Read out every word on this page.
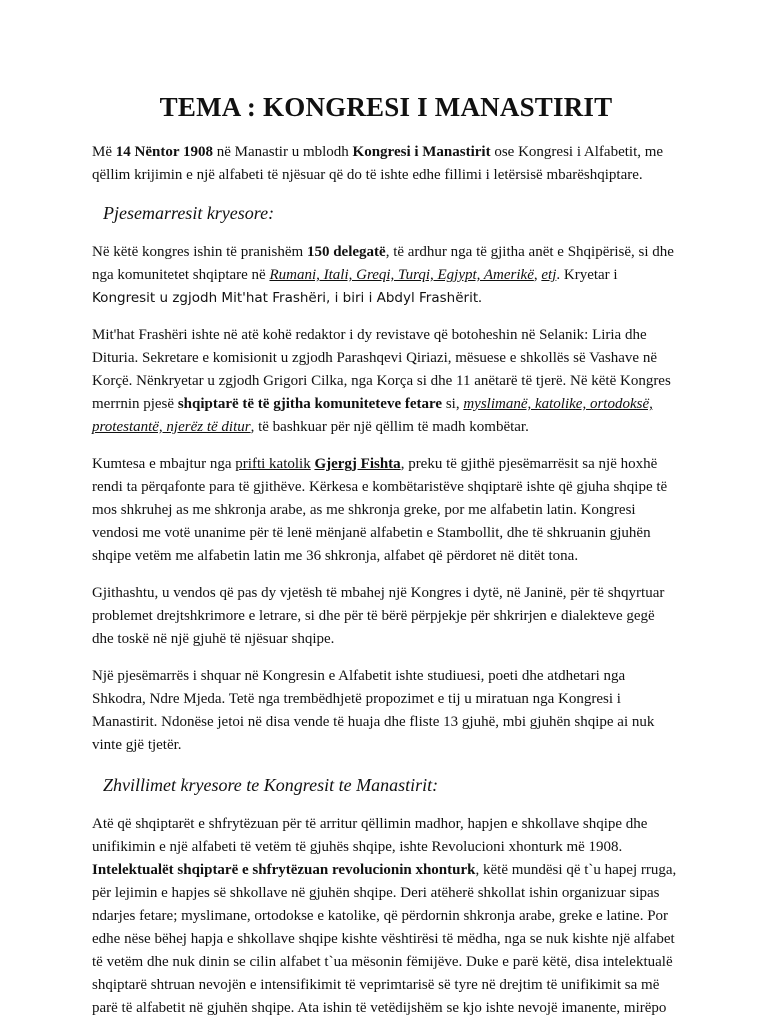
TEMA : KONGRESI I MANASTIRIT

Më 14 Nëntor 1908 në Manastir u mblodh Kongresi i Manastirit ose Kongresi i Alfabetit, me qëllim krijimin e një alfabeti të njësuar që do të ishte edhe fillimi i letërsisë mbarëshqiptare.

Pjesemarresit kryesore:

Në këtë kongres ishin të pranishëm 150 delegatë, të ardhur nga të gjitha anët e Shqipërisë, si dhe nga komunitetet shqiptare në Rumani, Itali, Greqi, Turqi, Egjypt, Amerikë, etj. Kryetar i Kongresit u zgjodh Mit'hat Frashëri, i biri i Abdyl Frashërit.

Mit'hat Frashëri ishte në atë kohë redaktor i dy revistave që botoheshin në Selanik: Liria dhe Dituria. Sekretare e komisionit u zgjodh Parashqevi Qiriazi, mësuese e shkollës së Vashave në Korçë. Nënkryetar u zgjodh Grigori Cilka, nga Korça si dhe 11 anëtarë të tjerë. Në këtë Kongres merrnin pjesë shqiptarë të të gjitha komuniteteve fetare si, myslimanë, katolike, ortodoksë, protestantë, njerëz të ditur, të bashkuar për një qëllim të madh kombëtar.

Kumtesa e mbajtur nga prifti katolik Gjergj Fishta, preku të gjithë pjesëmarrësit sa një hoxhë rendi ta përqafonte para të gjithëve. Kërkesa e kombëtaristëve shqiptarë ishte që gjuha shqipe të mos shkruhej as me shkronja arabe, as me shkronja greke, por me alfabetin latin. Kongresi vendosi me votë unanime për të lenë mënjanë alfabetin e Stambollit, dhe të shkruanin gjuhën shqipe vetëm me alfabetin latin me 36 shkronja, alfabet që përdoret në ditët tona.

Gjithashtu, u vendos që pas dy vjetësh të mbahej një Kongres i dytë, në Janinë, për të shqyrtuar problemet drejtshkrimore e letrare, si dhe për të bërë përpjekje për shkrirjen e dialekteve gegë dhe toskë në një gjuhë të njësuar shqipe.

Një pjesëmarrës i shquar në Kongresin e Alfabetit ishte studiuesi, poeti dhe atdhetari nga Shkodra, Ndre Mjeda. Tetë nga trembëdhjetë propozimet e tij u miratuan nga Kongresi i Manastirit. Ndonëse jetoi në disa vende të huaja dhe fliste 13 gjuhë, mbi gjuhën shqipe ai nuk vinte gjë tjetër.

Zhvillimet kryesore te Kongresit te Manastirit:

Atë që shqiptarët e shfrytëzuan për të arritur qëllimin madhor, hapjen e shkollave shqipe dhe unifikimin e një alfabeti të vetëm të gjuhës shqipe, ishte Revolucioni xhonturk më 1908. Intelektualët shqiptarë e shfrytëzuan revolucionin xhonturk, këtë mundësi që t`u hapej rruga, për lejimin e hapjes së shkollave në gjuhën shqipe. Deri atëherë shkollat ishin organizuar sipas ndarjes fetare; myslimane, ortodokse e katolike, që përdornin shkronja arabe, greke e latine. Por edhe nëse bëhej hapja e shkollave shqipe kishte vështirësi të mëdha, nga se nuk kishte një alfabet të vetëm dhe nuk dinin se cilin alfabet t`ua mësonin fëmijëve. Duke e parë këtë, disa intelektualë shqiptarë shtruan nevojën e intensifikimit të veprimtarisë së tyre në drejtim të unifikimit sa më parë të alfabetit në gjuhën shqipe. Ata ishin të vetëdijshëm se kjo ishte nevojë imanente, mirëpo
